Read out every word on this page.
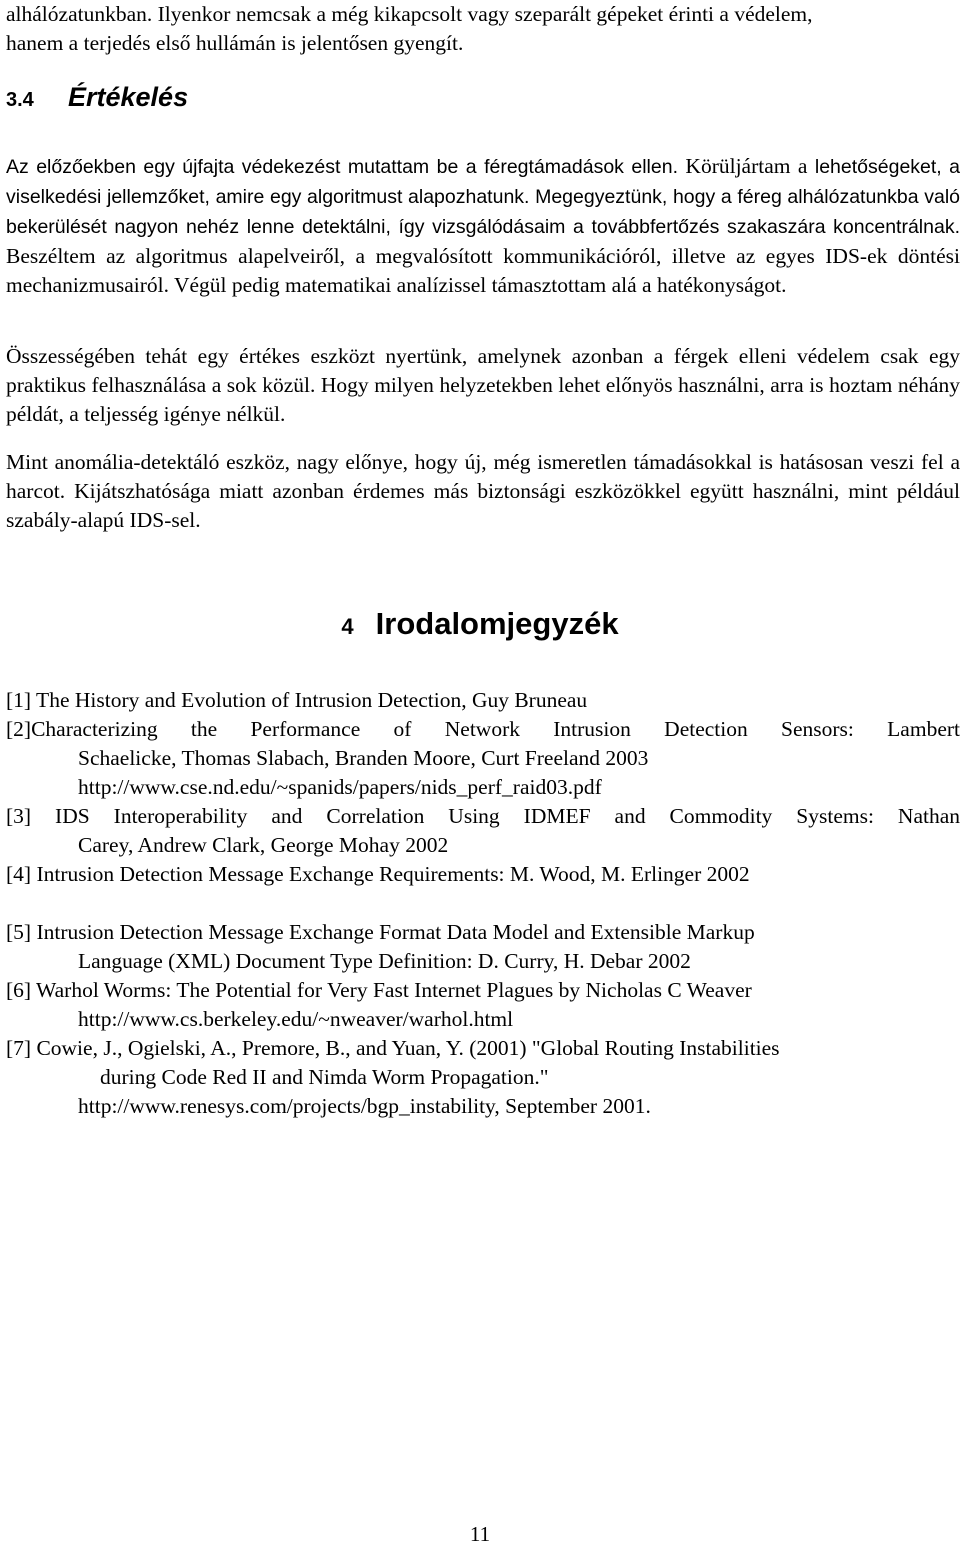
alhálózatunkban. Ilyenkor nemcsak a még kikapcsolt vagy szeparált gépeket érinti a védelem,
hanem a terjedés első hullámán is jelentősen gyengít.

3.4 Értékelés

Az előzőekben egy újfajta védekezést mutattam be a féregtámadások ellen. Körüljártam a lehetőségeket, a viselkedési jellemzőket, amire egy algoritmust alapozhatunk. Megegyeztünk, hogy a féreg alhálózatunkba való bekerülését nagyon nehéz lenne detektálni, így vizsgálódásaim a továbbfertőzés szakaszára koncentrálnak. Beszéltem az algoritmus alapelveiről, a megvalósított kommunikációról, illetve az egyes IDS-ek döntési mechanizmusairól. Végül pedig matematikai analízissel támasztottam alá a hatékonyságot.

Összességében tehát egy értékes eszközt nyertünk, amelynek azonban a férgek elleni védelem csak egy praktikus felhasználása a sok közül. Hogy milyen helyzetekben lehet előnyös használni, arra is hoztam néhány példát, a teljesség igénye nélkül.

Mint anomália-detektáló eszköz, nagy előnye, hogy új, még ismeretlen támadásokkal is hatásosan veszi fel a harcot. Kijátszhatósága miatt azonban érdemes más biztonsági eszközökkel együtt használni, mint például szabály-alapú IDS-sel.

4 Irodalomjegyzék

[1] The History and Evolution of Intrusion Detection, Guy Bruneau

[2]Characterizing the Performance of Network Intrusion Detection Sensors: Lambert
Schaelicke, Thomas Slabach, Branden Moore, Curt Freeland 2003
http://www.cse.nd.edu/~spanids/papers/nids_perf_raid03.pdf

[3] IDS Interoperability and Correlation Using IDMEF and Commodity Systems: Nathan
Carey, Andrew Clark, George Mohay 2002

[4] Intrusion Detection Message Exchange Requirements: M. Wood, M. Erlinger 2002

[5] Intrusion Detection Message Exchange Format Data Model and Extensible Markup
Language (XML) Document Type Definition: D. Curry, H. Debar 2002

[6] Warhol Worms: The Potential for Very Fast Internet Plagues by Nicholas C Weaver
http://www.cs.berkeley.edu/~nweaver/warhol.html

[7] Cowie, J., Ogielski, A., Premore, B., and Yuan, Y. (2001) "Global Routing Instabilities
during Code Red II and Nimda Worm Propagation."
http://www.renesys.com/projects/bgp_instability, September 2001.

11
